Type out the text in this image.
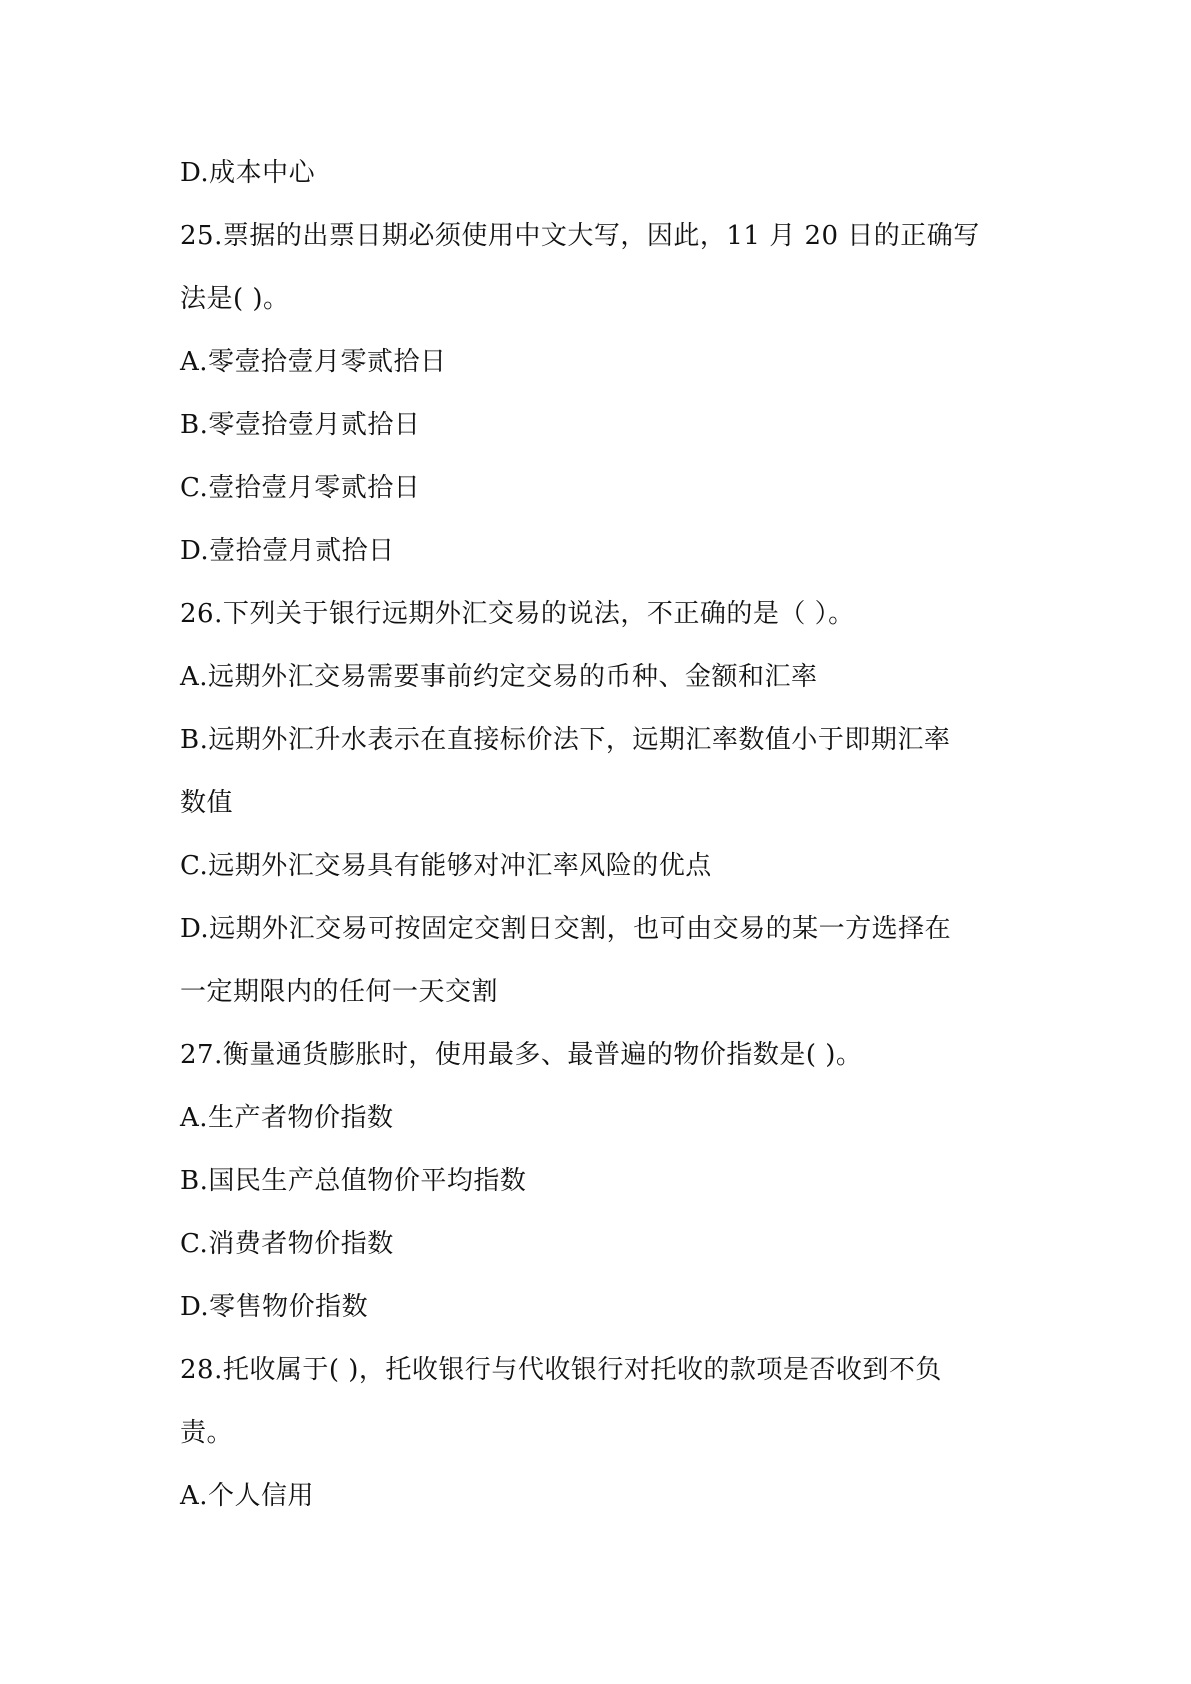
D.成本中心
25.票据的出票日期必须使用中文大写，因此，11 月 20 日的正确写
法是( )。
A.零壹拾壹月零贰拾日
B.零壹拾壹月贰拾日
C.壹拾壹月零贰拾日
D.壹拾壹月贰拾日
26.下列关于银行远期外汇交易的说法，不正确的是（ ）。
A.远期外汇交易需要事前约定交易的币种、金额和汇率
B.远期外汇升水表示在直接标价法下，远期汇率数值小于即期汇率
数值
C.远期外汇交易具有能够对冲汇率风险的优点
D.远期外汇交易可按固定交割日交割，也可由交易的某一方选择在
一定期限内的任何一天交割
27.衡量通货膨胀时，使用最多、最普遍的物价指数是( )。
A.生产者物价指数
B.国民生产总值物价平均指数
C.消费者物价指数
D.零售物价指数
28.托收属于( )，托收银行与代收银行对托收的款项是否收到不负
责。
A.个人信用
